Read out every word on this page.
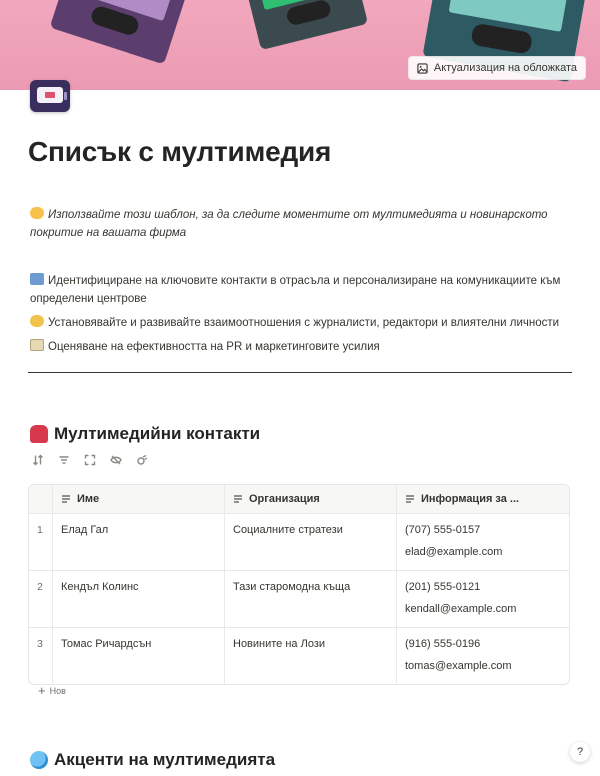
Актуализация на обложката
Списък с мултимедия
Използвайте този шаблон, за да следите моментите от мултимедията и новинарското покритие на вашата фирма
Идентифициране на ключовите контакти в отрасъла и персонализиране на комуникациите към определени центрове
Установявайте и развивайте взаимоотношения с журналисти, редактори и влиятелни личности
Оценяване на ефективността на PR и маркетинговите усилия
Мултимедийни контакти
Име	Организация	Информация за ...
1	Елад Гал	Социалните стратези	(707) 555-0157
elad@example.com
2	Кендъл Колинс	Тази старомодна къща	(201) 555-0121
kendall@example.com
3	Томас Ричардсън	Новините на Лози	(916) 555-0196
tomas@example.com
+ Нов
Акценти на мултимедията	?
